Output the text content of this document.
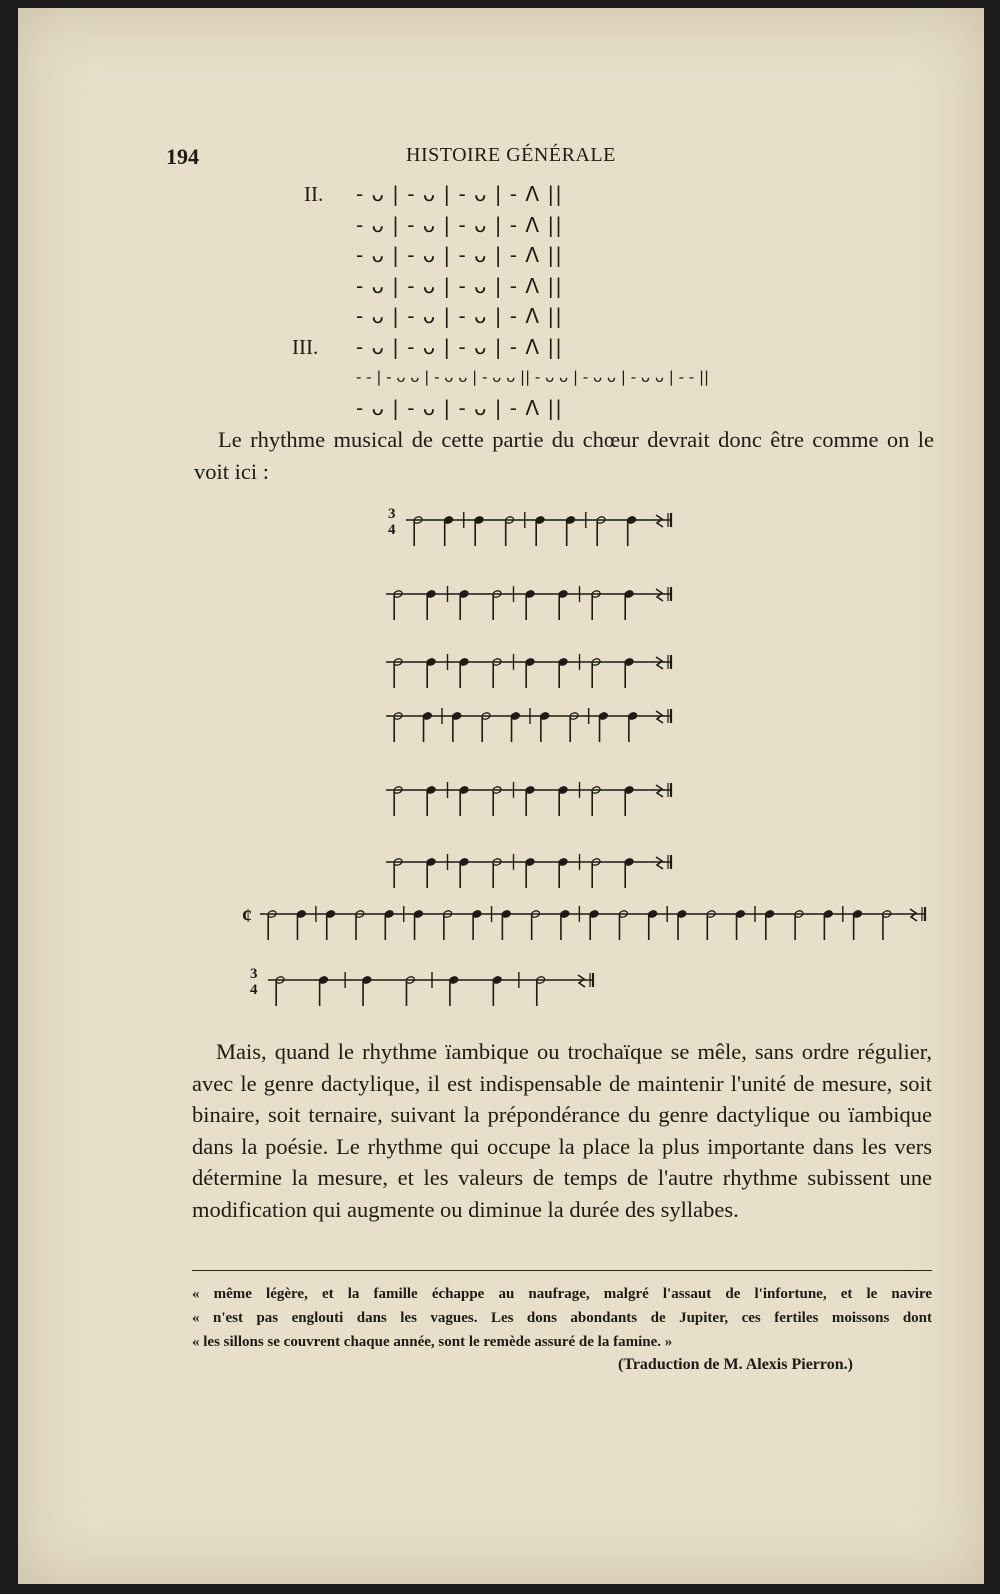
194	HISTOIRE GÉNÉRALE
II. - ᴗ | - ᴗ | - ᴗ | - Λ ||
- ᴗ | - ᴗ | - ᴗ | - Λ ||
- ᴗ | - ᴗ | - ᴗ | - Λ ||
- ᴗ | - ᴗ | - ᴗ | - Λ ||
- ᴗ | - ᴗ | - ᴗ | - Λ ||
III. - ᴗ | - ᴗ | - ᴗ | - Λ ||
- - | - ᴗ ᴗ | - ᴗ ᴗ | - ᴗ ᴗ || - ᴗ ᴗ | - ᴗ ᴗ | - ᴗ ᴗ | - - ||
- ᴗ | - ᴗ | - ᴗ | - Λ ||
Le rhythme musical de cette partie du chœur devrait donc être comme on le voit ici :
3
4
¢
3
4
Mais, quand le rhythme ïambique ou trochaïque se mêle, sans ordre régulier, avec le genre dactylique, il est indispensable de maintenir l'unité de mesure, soit binaire, soit ternaire, suivant la prépondérance du genre dactylique ou ïambique dans la poésie. Le rhythme qui occupe la place la plus importante dans les vers détermine la mesure, et les valeurs de temps de l'autre rhythme subissent une modification qui augmente ou diminue la durée des syllabes.
« même légère, et la famille échappe au naufrage, malgré l'assaut de l'infortune, et le navire
« n'est pas englouti dans les vagues. Les dons abondants de Jupiter, ces fertiles moissons dont
« les sillons se couvrent chaque année, sont le remède assuré de la famine. »
(Traduction de M. Alexis Pierron.)
